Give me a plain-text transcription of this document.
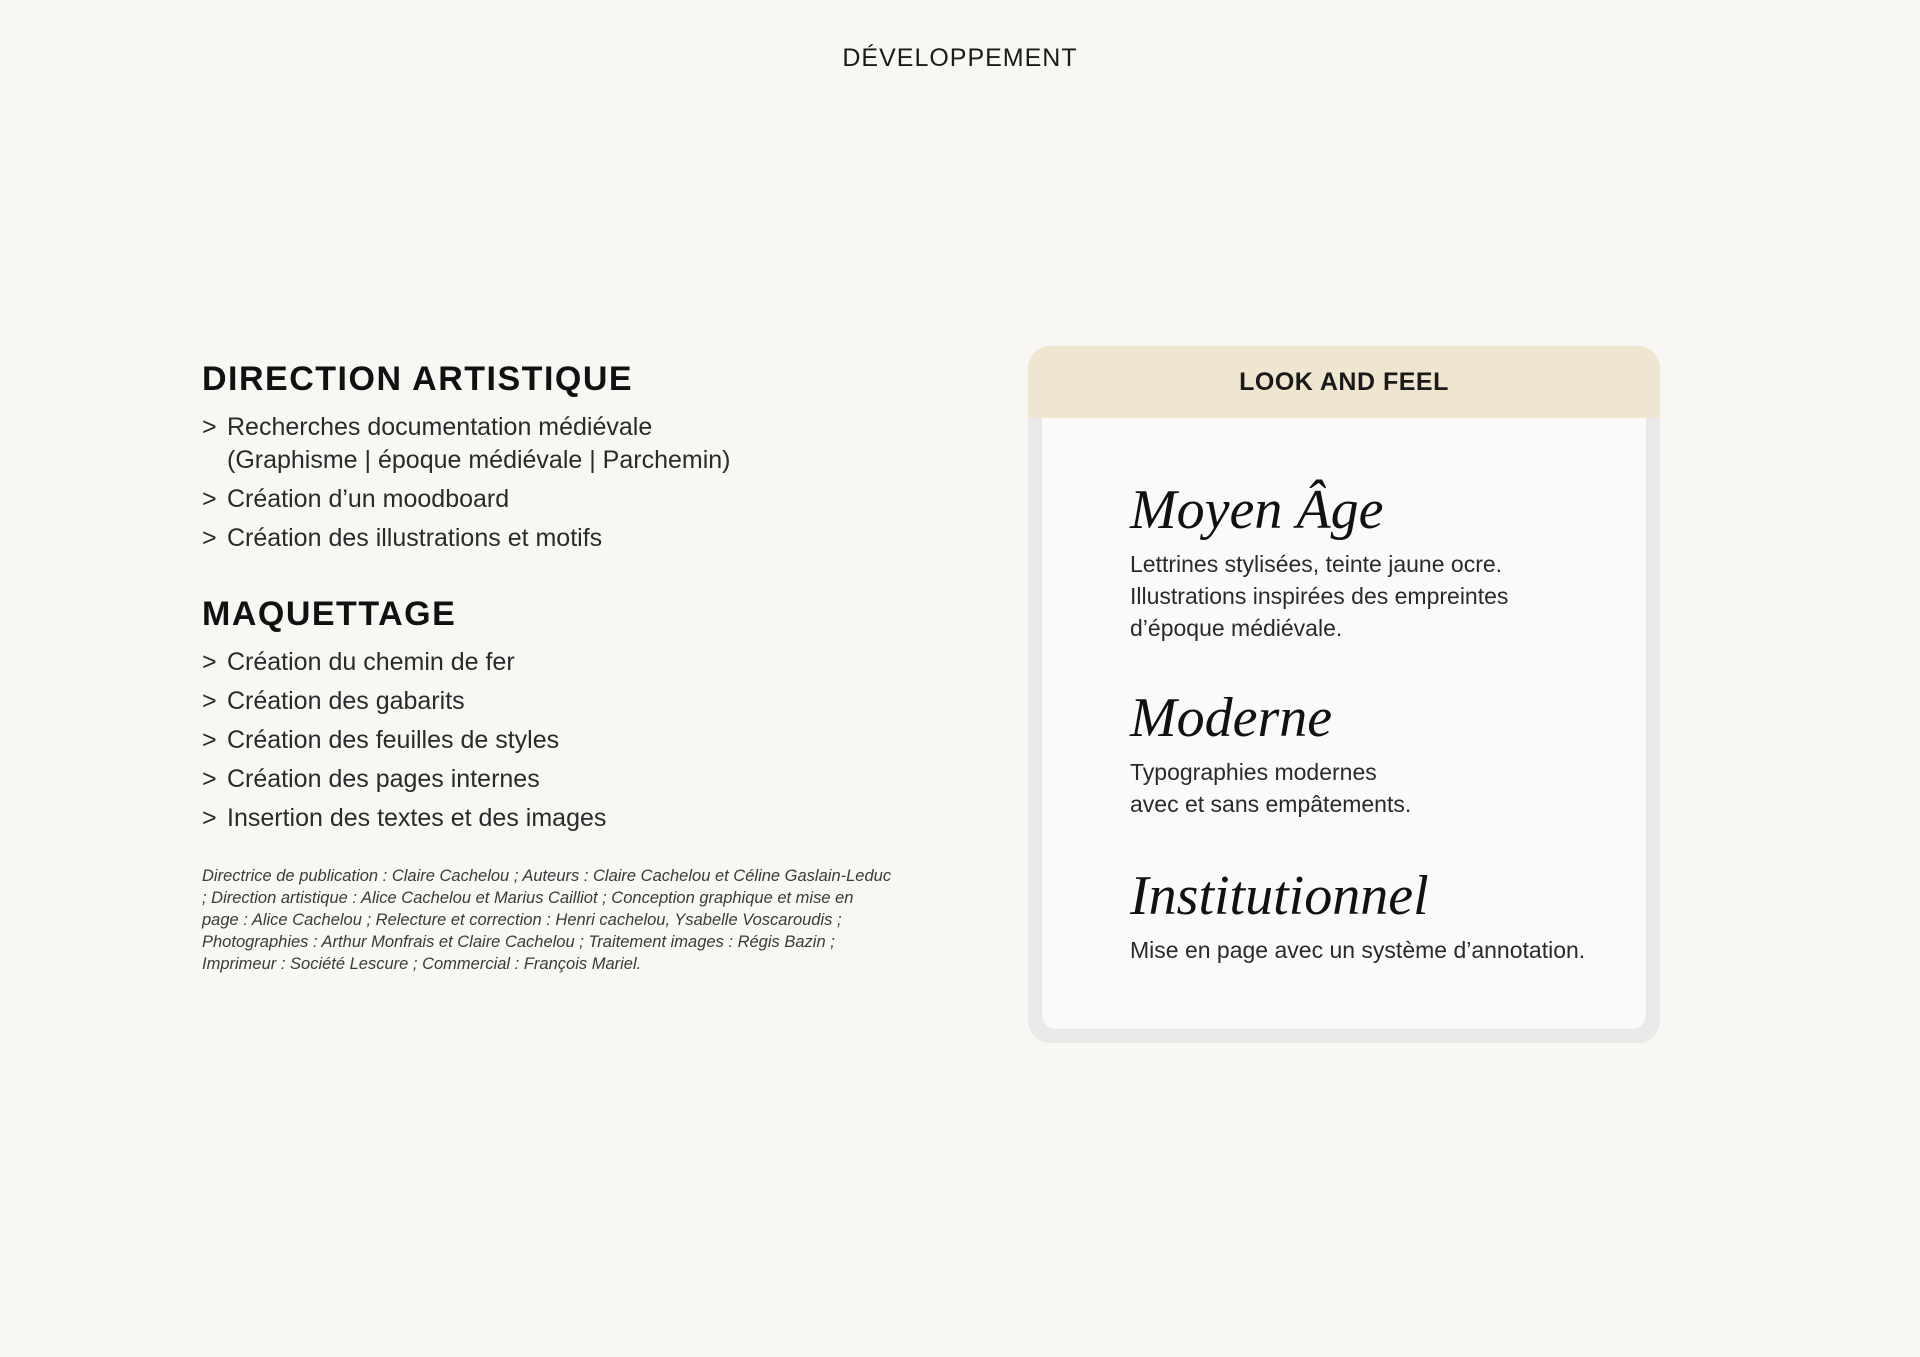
DÉVELOPPEMENT
DIRECTION ARTISTIQUE
> Recherches documentation médiévale
(Graphisme | époque médiévale | Parchemin)
> Création d’un moodboard
> Création des illustrations et motifs
MAQUETTAGE
> Création du chemin de fer
> Création des gabarits
> Création des feuilles de styles
> Création des pages internes
> Insertion des textes et des images

Directrice de publication : Claire Cachelou ; Auteurs : Claire Cachelou et Céline Gaslain-Leduc ; Direction artistique : Alice Cachelou et Marius Cailliot ; Conception graphique et mise en page : Alice Cachelou ; Relecture et correction : Henri cachelou, Ysabelle Voscaroudis ; Photographies : Arthur Monfrais et Claire Cachelou ; Traitement images : Régis Bazin ; Imprimeur : Société Lescure ; Commercial : François Mariel.

LOOK AND FEEL
Moyen Âge
Lettrines stylisées, teinte jaune ocre.
Illustrations inspirées des empreintes
d’époque médiévale.
Moderne
Typographies modernes
avec et sans empâtements.
Institutionnel
Mise en page avec un système d’annotation.
